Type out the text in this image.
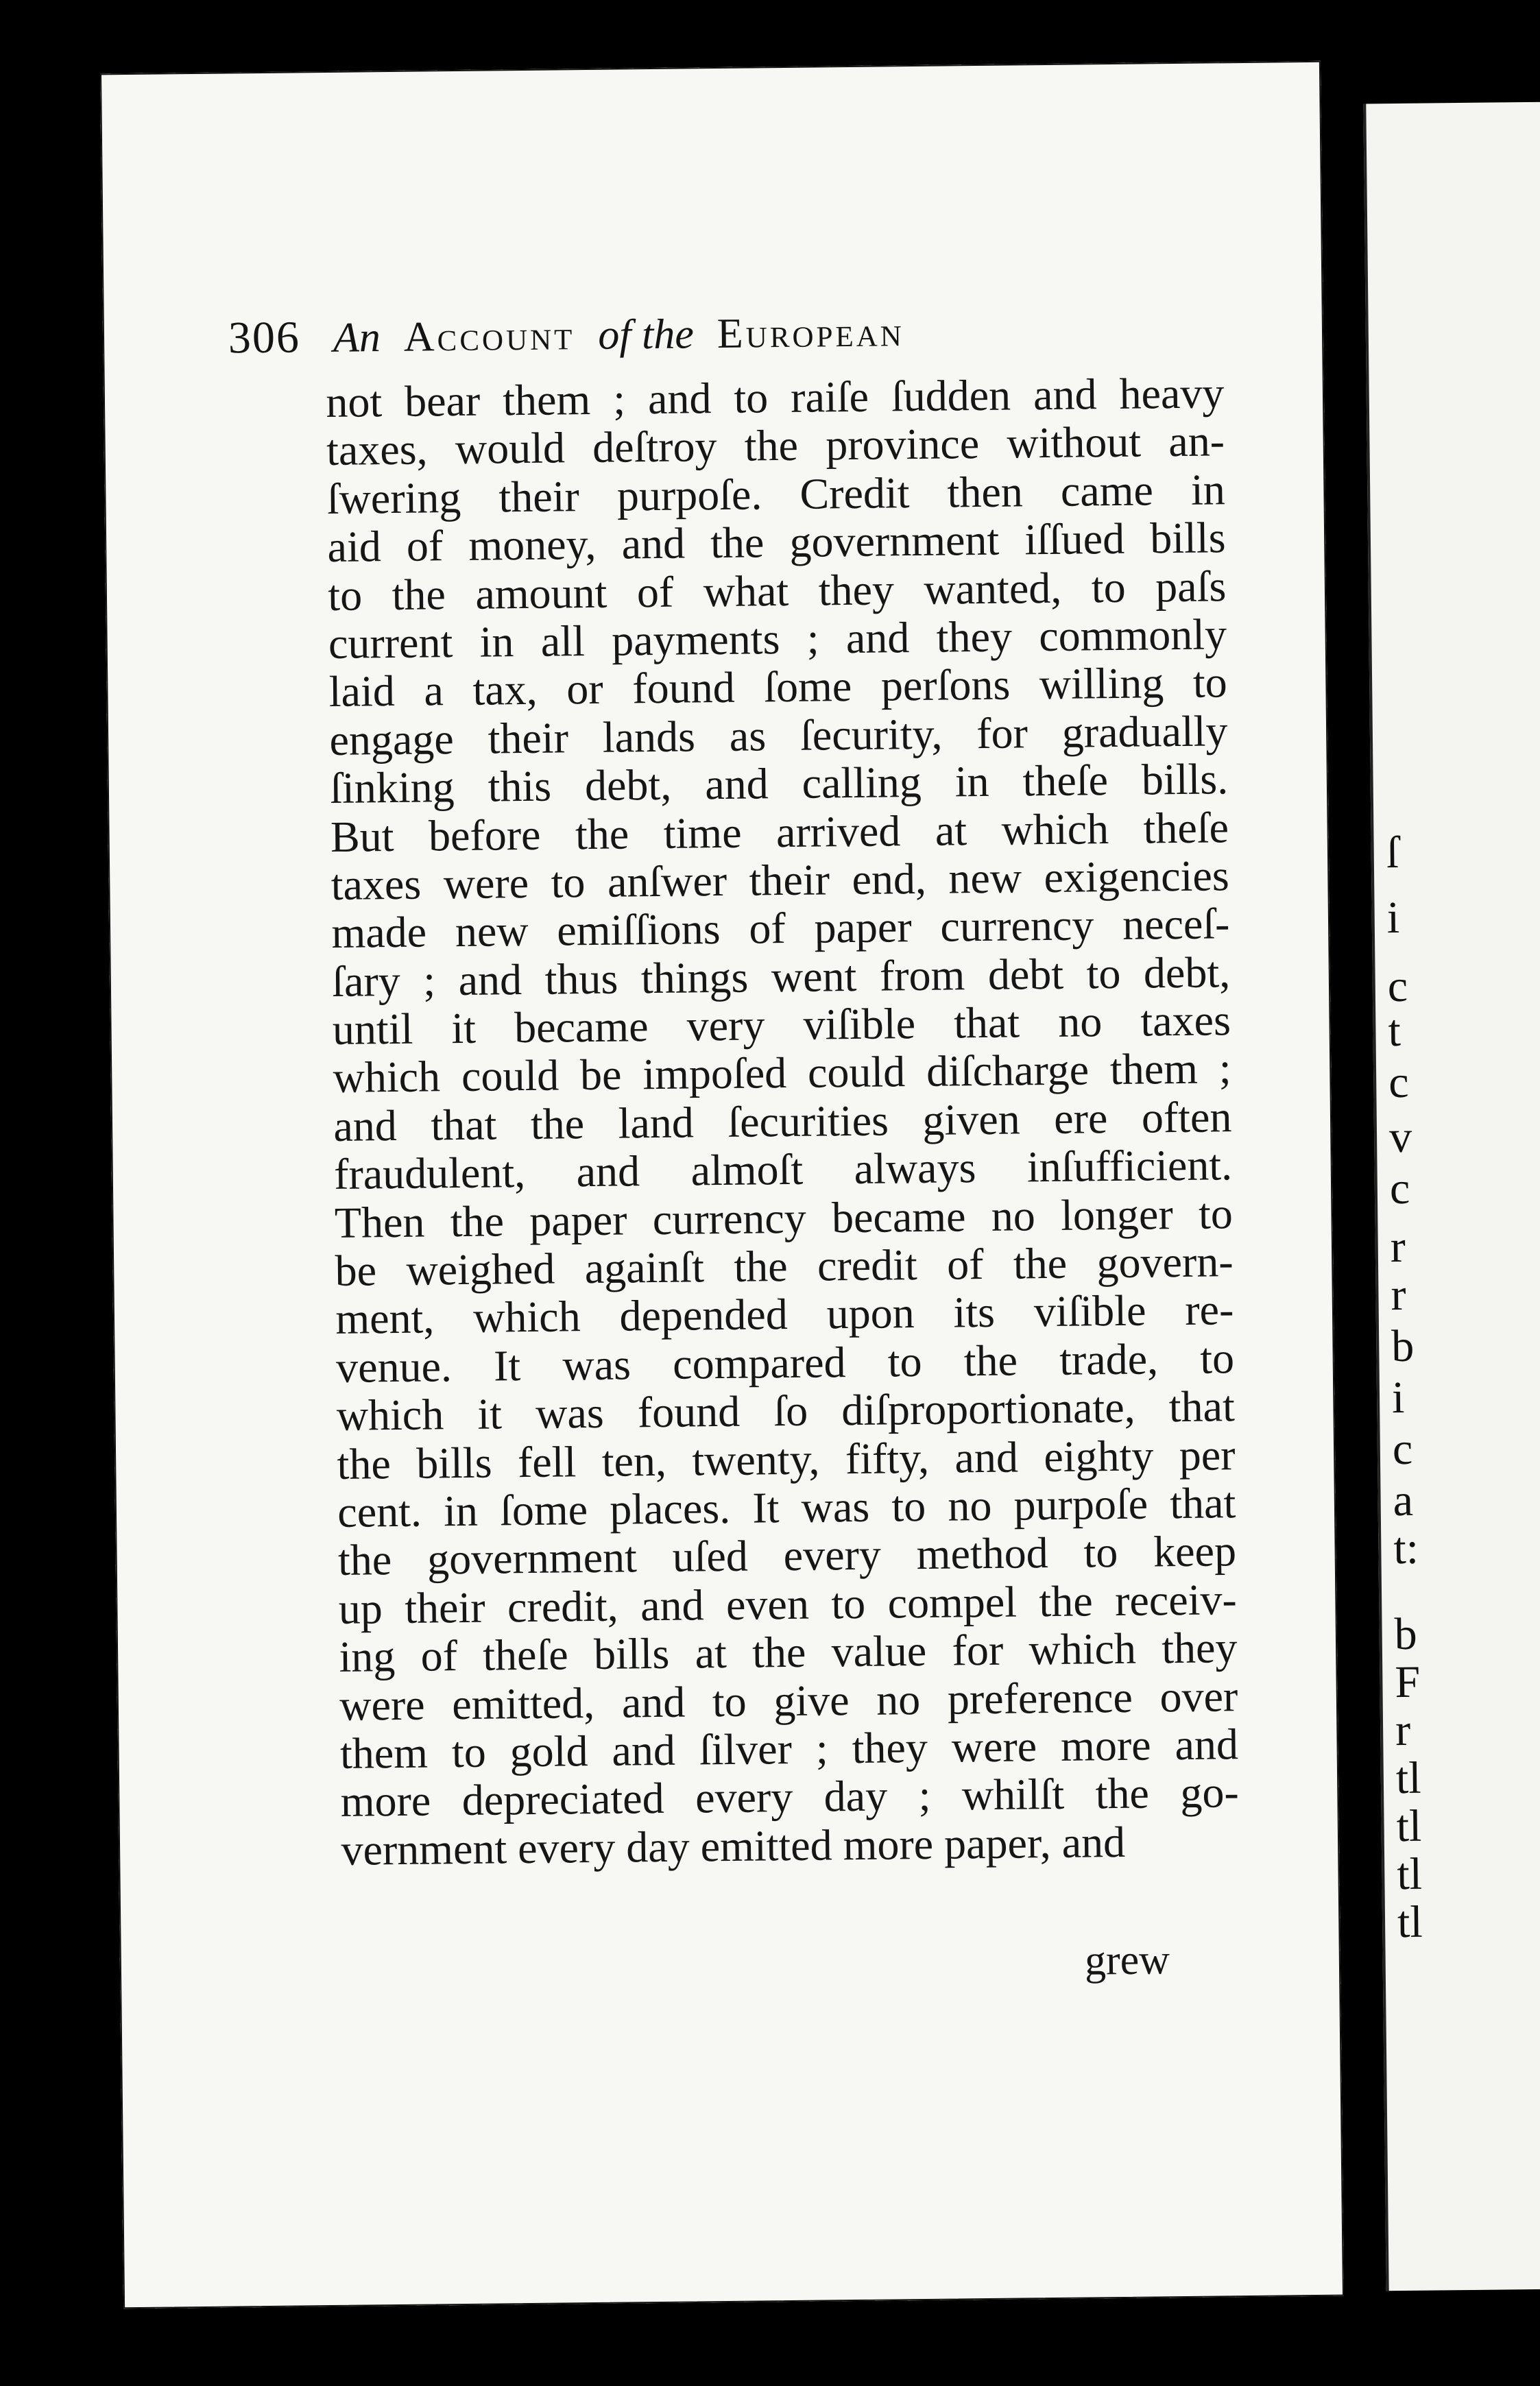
ſ
i
c
t
c
v
c
r
r
b
i
c
a
t:
b
F
r
tl
tl
tl
tl
306 An Account of the European
not bear them ; and to raiſe ſudden and heavy
taxes, would deſtroy the province without an-
ſwering their purpoſe. Credit then came in
aid of money, and the government iſſued bills
to the amount of what they wanted, to paſs
current in all payments ; and they commonly
laid a tax, or found ſome perſons willing to
engage their lands as ſecurity, for gradually
ſinking this debt, and calling in theſe bills.
But before the time arrived at which theſe
taxes were to anſwer their end, new exigencies
made new emiſſions of paper currency neceſ-
ſary ; and thus things went from debt to debt,
until it became very viſible that no taxes
which could be impoſed could diſcharge them ;
and that the land ſecurities given ere often
fraudulent, and almoſt always inſufficient.
Then the paper currency became no longer to
be weighed againſt the credit of the govern-
ment, which depended upon its viſible re-
venue. It was compared to the trade, to
which it was found ſo diſproportionate, that
the bills fell ten, twenty, fifty, and eighty per
cent. in ſome places. It was to no purpoſe that
the government uſed every method to keep
up their credit, and even to compel the receiv-
ing of theſe bills at the value for which they
were emitted, and to give no preference over
them to gold and ſilver ; they were more and
more depreciated every day ; whilſt the go-
vernment every day emitted more paper, and
grew
